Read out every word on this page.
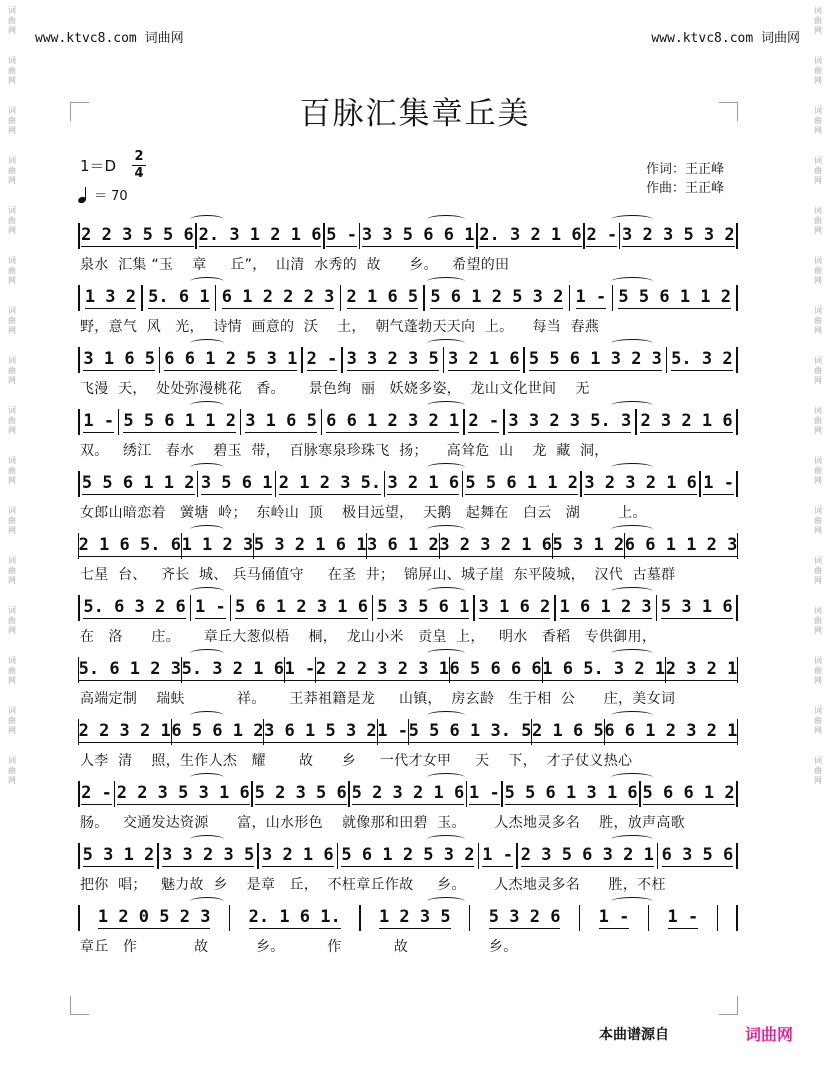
词
曲
网
词
曲
网
词
曲
网
词
曲
网
词
曲
网
词
曲
网
词
曲
网
词
曲
网
词
曲
网
词
曲
网
词
曲
网
词
曲
网
词
曲
网
词
曲
网
词
曲
网
词
曲
网
词
曲
网
词
曲
网
词
曲
网
词
曲
网
词
曲
网
词
曲
网
词
曲
网
词
曲
网
词
曲
网
词
曲
网
词
曲
网
词
曲
网
词
曲
网
词
曲
网
词
曲
网
词
曲
网
www.ktvc8.com 词曲网	www.ktvc8.com 词曲网
百脉汇集章丘美
1＝D
2
4
＝ 70
作词：王正峰
作曲：王正峰
2 2 3 5 5 6 2. 3 1 2 1 6 5 - 3 3 5 6 6 1 2. 3 2 1 6 2 - 3 2 3 5 3 2
泉水  汇集 “玉    章     丘”，  山清  水秀的  故      乡。   希望的田
1 3 2 5. 6 1 6 1 2 2 2 3 2 1 6 5 5 6 1 2 5 3 2 1 - 5 5 6 1 1 2
野，意气  风   光，  诗情  画意的  沃    土，  朝气蓬勃天天向  上。    每当  春燕
3 1 6 5 6 6 1 2 5 3 1 2 - 3 3 2 3 5 3 2 1 6 5 5 6 1 3 2 3 5. 3 2
飞漫  天，  处处弥漫桃花   香。     景色绚  丽   妖娆多姿，  龙山文化世间    无
1 - 5 5 6 1 1 2 3 1 6 5 6 6 1 2 3 2 1 2 - 3 3 2 3 5. 3 2 3 2 1 6
双。   绣江   春水    碧玉  带，  百脉寒泉珍珠飞  扬；    高耸危  山    龙  藏  洞，
5 5 6 1 1 2 3 5 6 1 2 1 2 3 5. 3 2 1 6 5 5 6 1 1 2 3 2 3 2 1 6 1 -
女郎山暗恋着   黉塘  岭；  东岭山  顶    极目远望，  天鹅   起舞在   白云   湖        上。
2 1 6 5. 6 1 1 2 3 5 3 2 1 6 1 3 6 1 2 3 2 3 2 1 6 5 3 1 2 6 6 1 1 2 3
七星  台、   齐长  城、 兵马俑值守     在圣  井；  锦屏山、城子崖  东平陵城，  汉代  古墓群
5. 6 3 2 6 1 - 5 6 1 2 3 1 6 5 3 5 6 1 3 1 6 2 1 6 1 2 3 5 3 1 6
在   洛      庄。     章丘大葱似梧    桐，  龙山小米   贡皇  上，   明水   香稻   专供御用，
5. 6 1 2 3 5. 3 2 1 6 1 - 2 2 2 3 2 3 1 6 5 6 6 6 1 6 5. 3 2 1 2 3 2 1
高端定制    瑞蚨           祥。     王莽祖籍是龙     山镇，  房玄龄   生于相  公      庄，美女词
2 2 3 2 1 6 5 6 1 2 3 6 1 5 3 2 1 - 5 5 6 1 3. 5 2 1 6 5 6 6 1 2 3 2 1
人李  清    照，生作人杰   耀       故      乡     一代才女甲     天    下，  才子仗义热心
2 - 2 2 3 5 3 1 6 5 2 3 5 6 5 2 3 2 1 6 1 - 5 5 6 1 3 1 6 5 6 6 1 2
肠。   交通发达资源      富，山水形色    就像那和田碧  玉。      人杰地灵多名    胜，放声高歌
5 3 1 2 3 3 2 3 5 3 2 1 6 5 6 1 2 5 3 2 1 - 2 3 5 6 3 2 1 6 3 5 6
把你  唱；   魅力故  乡    是章   丘，  不枉章丘作故     乡。      人杰地灵多名      胜，不枉
1 2 0 5 2 3 2. 1 6 1. 1 2 3 5 5 3 2 6 1 - 1 -
章丘   作            故          乡。         作           故                 乡。
本曲谱源自	词曲网
